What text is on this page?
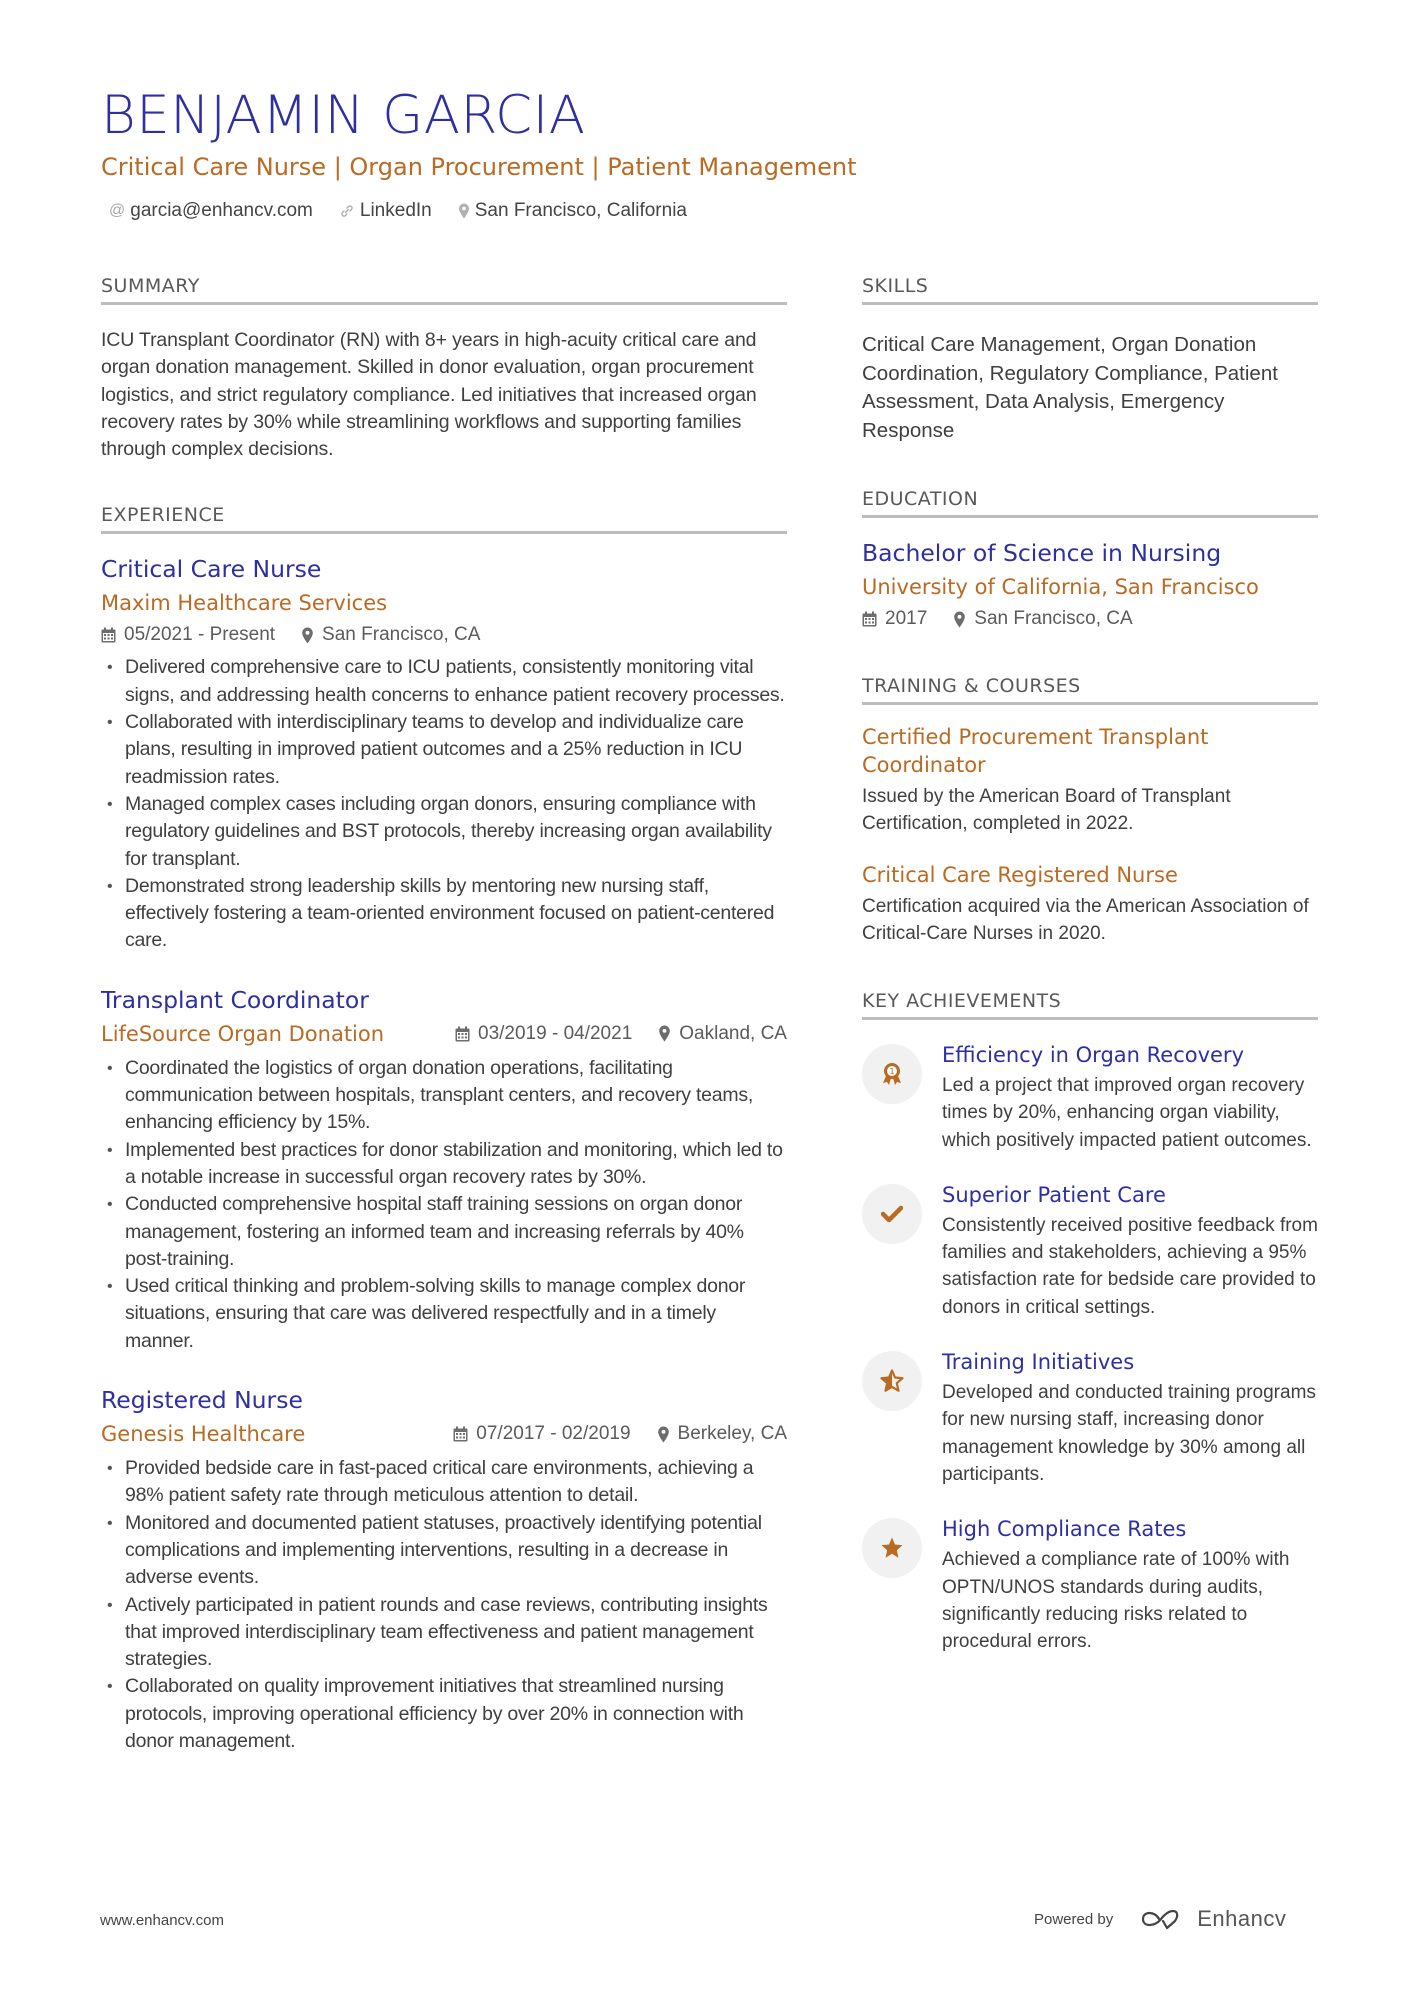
BENJAMIN GARCIA
Critical Care Nurse | Organ Procurement | Patient Management
@ garcia@enhancv.com LinkedIn San Francisco, California
SUMMARY

ICU Transplant Coordinator (RN) with 8+ years in high-acuity critical care and organ donation management. Skilled in donor evaluation, organ procurement logistics, and strict regulatory compliance. Led initiatives that increased organ recovery rates by 30% while streamlining workflows and supporting families through complex decisions.

EXPERIENCE
Critical Care Nurse
Maxim Healthcare Services
05/2021 - Present San Francisco, CA
• Delivered comprehensive care to ICU patients, consistently monitoring vital signs, and addressing health concerns to enhance patient recovery processes.
• Collaborated with interdisciplinary teams to develop and individualize care plans, resulting in improved patient outcomes and a 25% reduction in ICU readmission rates.
• Managed complex cases including organ donors, ensuring compliance with regulatory guidelines and BST protocols, thereby increasing organ availability for transplant.
• Demonstrated strong leadership skills by mentoring new nursing staff, effectively fostering a team-oriented environment focused on patient-centered care.
Transplant Coordinator
LifeSource Organ Donation	03/2019 - 04/2021 Oakland, CA
• Coordinated the logistics of organ donation operations, facilitating communication between hospitals, transplant centers, and recovery teams, enhancing efficiency by 15%.
• Implemented best practices for donor stabilization and monitoring, which led to a notable increase in successful organ recovery rates by 30%.
• Conducted comprehensive hospital staff training sessions on organ donor management, fostering an informed team and increasing referrals by 40% post-training.
• Used critical thinking and problem-solving skills to manage complex donor situations, ensuring that care was delivered respectfully and in a timely manner.
Registered Nurse
Genesis Healthcare	07/2017 - 02/2019 Berkeley, CA
• Provided bedside care in fast-paced critical care environments, achieving a 98% patient safety rate through meticulous attention to detail.
• Monitored and documented patient statuses, proactively identifying potential complications and implementing interventions, resulting in a decrease in adverse events.
• Actively participated in patient rounds and case reviews, contributing insights that improved interdisciplinary team effectiveness and patient management strategies.
• Collaborated on quality improvement initiatives that streamlined nursing protocols, improving operational efficiency by over 20% in connection with donor management.
SKILLS

Critical Care Management, Organ Donation Coordination, Regulatory Compliance, Patient Assessment, Data Analysis, Emergency Response

EDUCATION
Bachelor of Science in Nursing
University of California, San Francisco
2017 San Francisco, CA
TRAINING & COURSES
Certified Procurement Transplant Coordinator
Issued by the American Board of Transplant Certification, completed in 2022.
Critical Care Registered Nurse
Certification acquired via the American Association of Critical-Care Nurses in 2020.
KEY ACHIEVEMENTS
1
Efficiency in Organ Recovery
Led a project that improved organ recovery times by 20%, enhancing organ viability, which positively impacted patient outcomes.
Superior Patient Care
Consistently received positive feedback from families and stakeholders, achieving a 95% satisfaction rate for bedside care provided to donors in critical settings.
Training Initiatives
Developed and conducted training programs for new nursing staff, increasing donor management knowledge by 30% among all participants.
High Compliance Rates
Achieved a compliance rate of 100% with OPTN/UNOS standards during audits, significantly reducing risks related to procedural errors.
www.enhancv.com	Powered by	Enhancv
